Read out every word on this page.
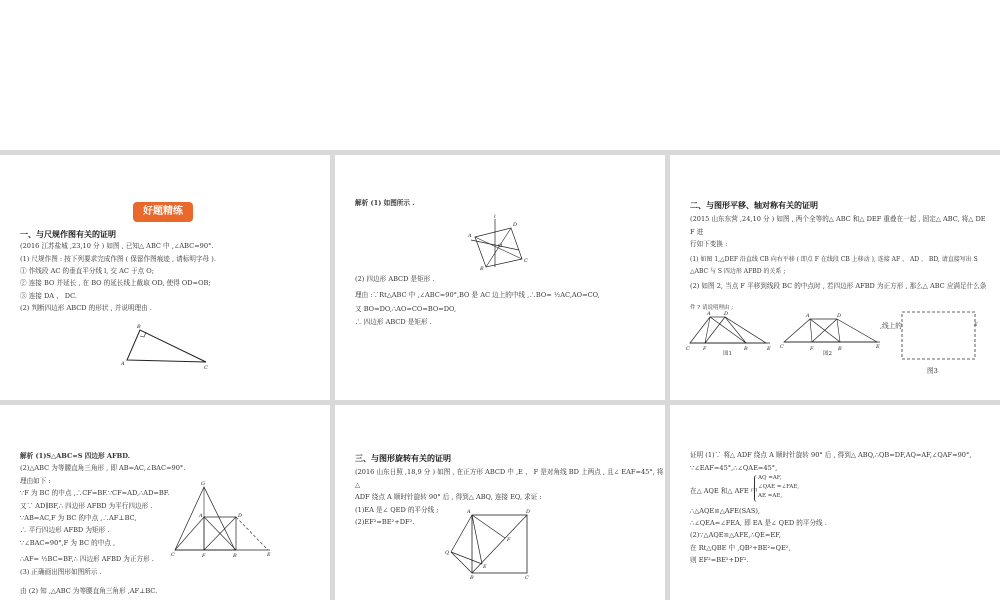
好题精练
一、与尺规作图有关的证明
(2016 江苏盐城 ,23,10 分 ) 如图 , 已知△ ABC 中 ,∠ABC=90°.
(1) 尺规作图 : 按下列要求完成作图 ( 保留作图痕迹 , 请标明字母 ).
① 作线段 AC 的垂直平分线 l, 交 AC 于点 O;
② 连接 BO 并延长 , 在 BO 的延长线上截取 OD, 使得 OD=OB;
③ 连接 DA 、 DC.
(2) 判断四边形 ABCD 的形状 , 并说明理由 .
B
A
C
解析 (1) 如图所示 .
l
A
D
O
C
B
(2) 四边形 ABCD 是矩形 .
理由 :∵Rt△ABC 中 ,∠ABC=90°,BO 是 AC 边上的中线 ,∴BO= ½AC,AO=CO,
又 BO=DO,∴AO=CO=BO=DO,
∴ 四边形 ABCD 是矩形 .
二、与图形平移、轴对称有关的证明
(2015 山东东营 ,24,10 分 ) 如图 , 两个全等的△ ABC 和△ DEF 重叠在一起 , 固定△ ABC, 将△ DE
F 进
行如下变换 :
(1) 如图 1,△DEF 沿直线 CB 向右平移 ( 即点 F 在线段 CB 上移动 ), 连接 AF 、 AD 、 BD, 请直接写出 S
△ABC 与 S 四边形 AFBD 的关系 ;
(2) 如图 2, 当点 F 平移到线段 BC 的中点时 , 若四边形 AFBD 为正方形 , 那么△ ABC 应满足什么条
件 ? 请说明理由 ;
,线上的
A	D
C	F	B	E
A	D
C	F	B	E
E
图1	图2
图3
解析 (1)S△ABC=S 四边形 AFBD.
(2)△ABC 为等腰直角三角形 , 即 AB=AC,∠BAC=90°.
理由如下 :
∵F 为 BC 的中点 ,∴CF=BF.∵CF=AD,∴AD=BF.
又∵ AD∥BF,∴ 四边形 AFBD 为平行四边形 .
∵AB=AC,F 为 BC 的中点 ,∴AF⊥BC,
∴ 平行四边形 AFBD 为矩形 .
∵∠BAC=90°,F 为 BC 的中点 ,
∴AF= ½BC=BF,∴ 四边形 AFBD 为正方形 .
(3) 正确画出图形如图所示 .
由 (2) 知 ,△ABC 为等腰直角三角形 ,AF⊥BC.
G
A	D
C	F	B	E
三、与图形旋转有关的证明
(2016 山东日照 ,18,9 分 ) 如图 , 在正方形 ABCD 中 ,E 、 F 是对角线 BD 上两点 , 且∠ EAF=45°, 将
△
ADF 绕点 A 顺时针旋转 90° 后 , 得到△ ABQ, 连接 EQ, 求证 :
(1)EA 是∠ QED 的平分线 ;
(2)EF²=BE²+DF².
A	D
F
Q
E
B	C
证明 (1)∵ 将△ ADF 绕点 A 顺时针旋转 90° 后 , 得到△ ABQ,∴QB=DF,AQ=AF,∠QAF=90°,
∵∠EAF=45°,∴∠QAE=45°,
在△ AQE 和△ AFE 中
AQ =AF,
∠QAE =∠FAE,
AE =AE,
∴△AQE≌△AFE(SAS),
∴∠QEA=∠FEA, 即 EA 是∠ QED 的平分线 .
(2)∵△AQE≌△AFE,∴QE=EF,
在 Rt△QBE 中 ,QB²+BE²=QE²,
则 EF²=BE²+DF².
